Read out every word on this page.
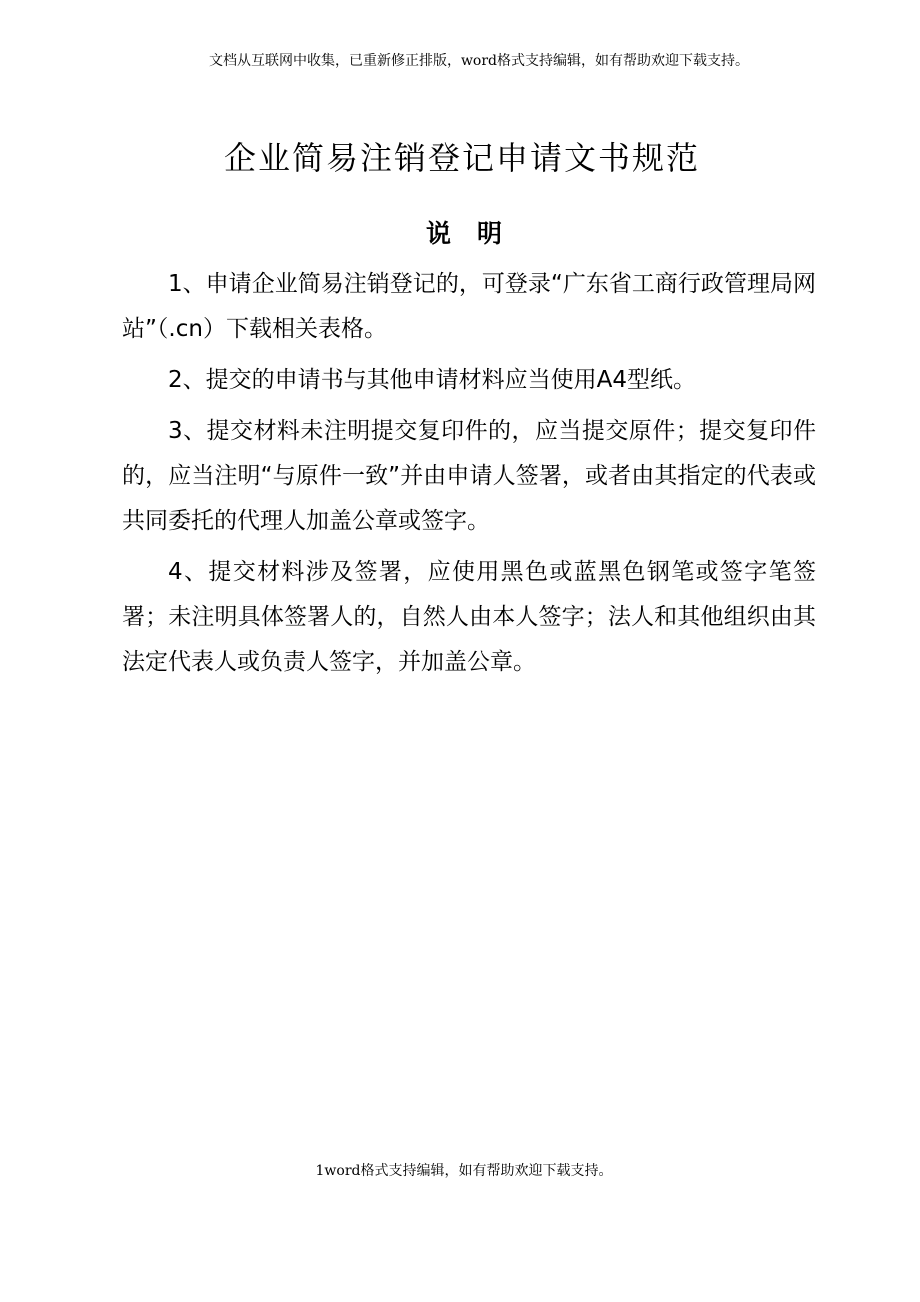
文档从互联网中收集，已重新修正排版，word格式支持编辑，如有帮助欢迎下载支持。
企业简易注销登记申请文书规范
说 明

1、申请企业简易注销登记的，可登录“广东省工商行政管理局网站”（.cn）下载相关表格。

2、提交的申请书与其他申请材料应当使用A4型纸。

3、提交材料未注明提交复印件的，应当提交原件；提交复印件的，应当注明“与原件一致”并由申请人签署，或者由其指定的代表或共同委托的代理人加盖公章或签字。

4、提交材料涉及签署，应使用黑色或蓝黑色钢笔或签字笔签署；未注明具体签署人的，自然人由本人签字；法人和其他组织由其法定代表人或负责人签字，并加盖公章。

1word格式支持编辑，如有帮助欢迎下载支持。
